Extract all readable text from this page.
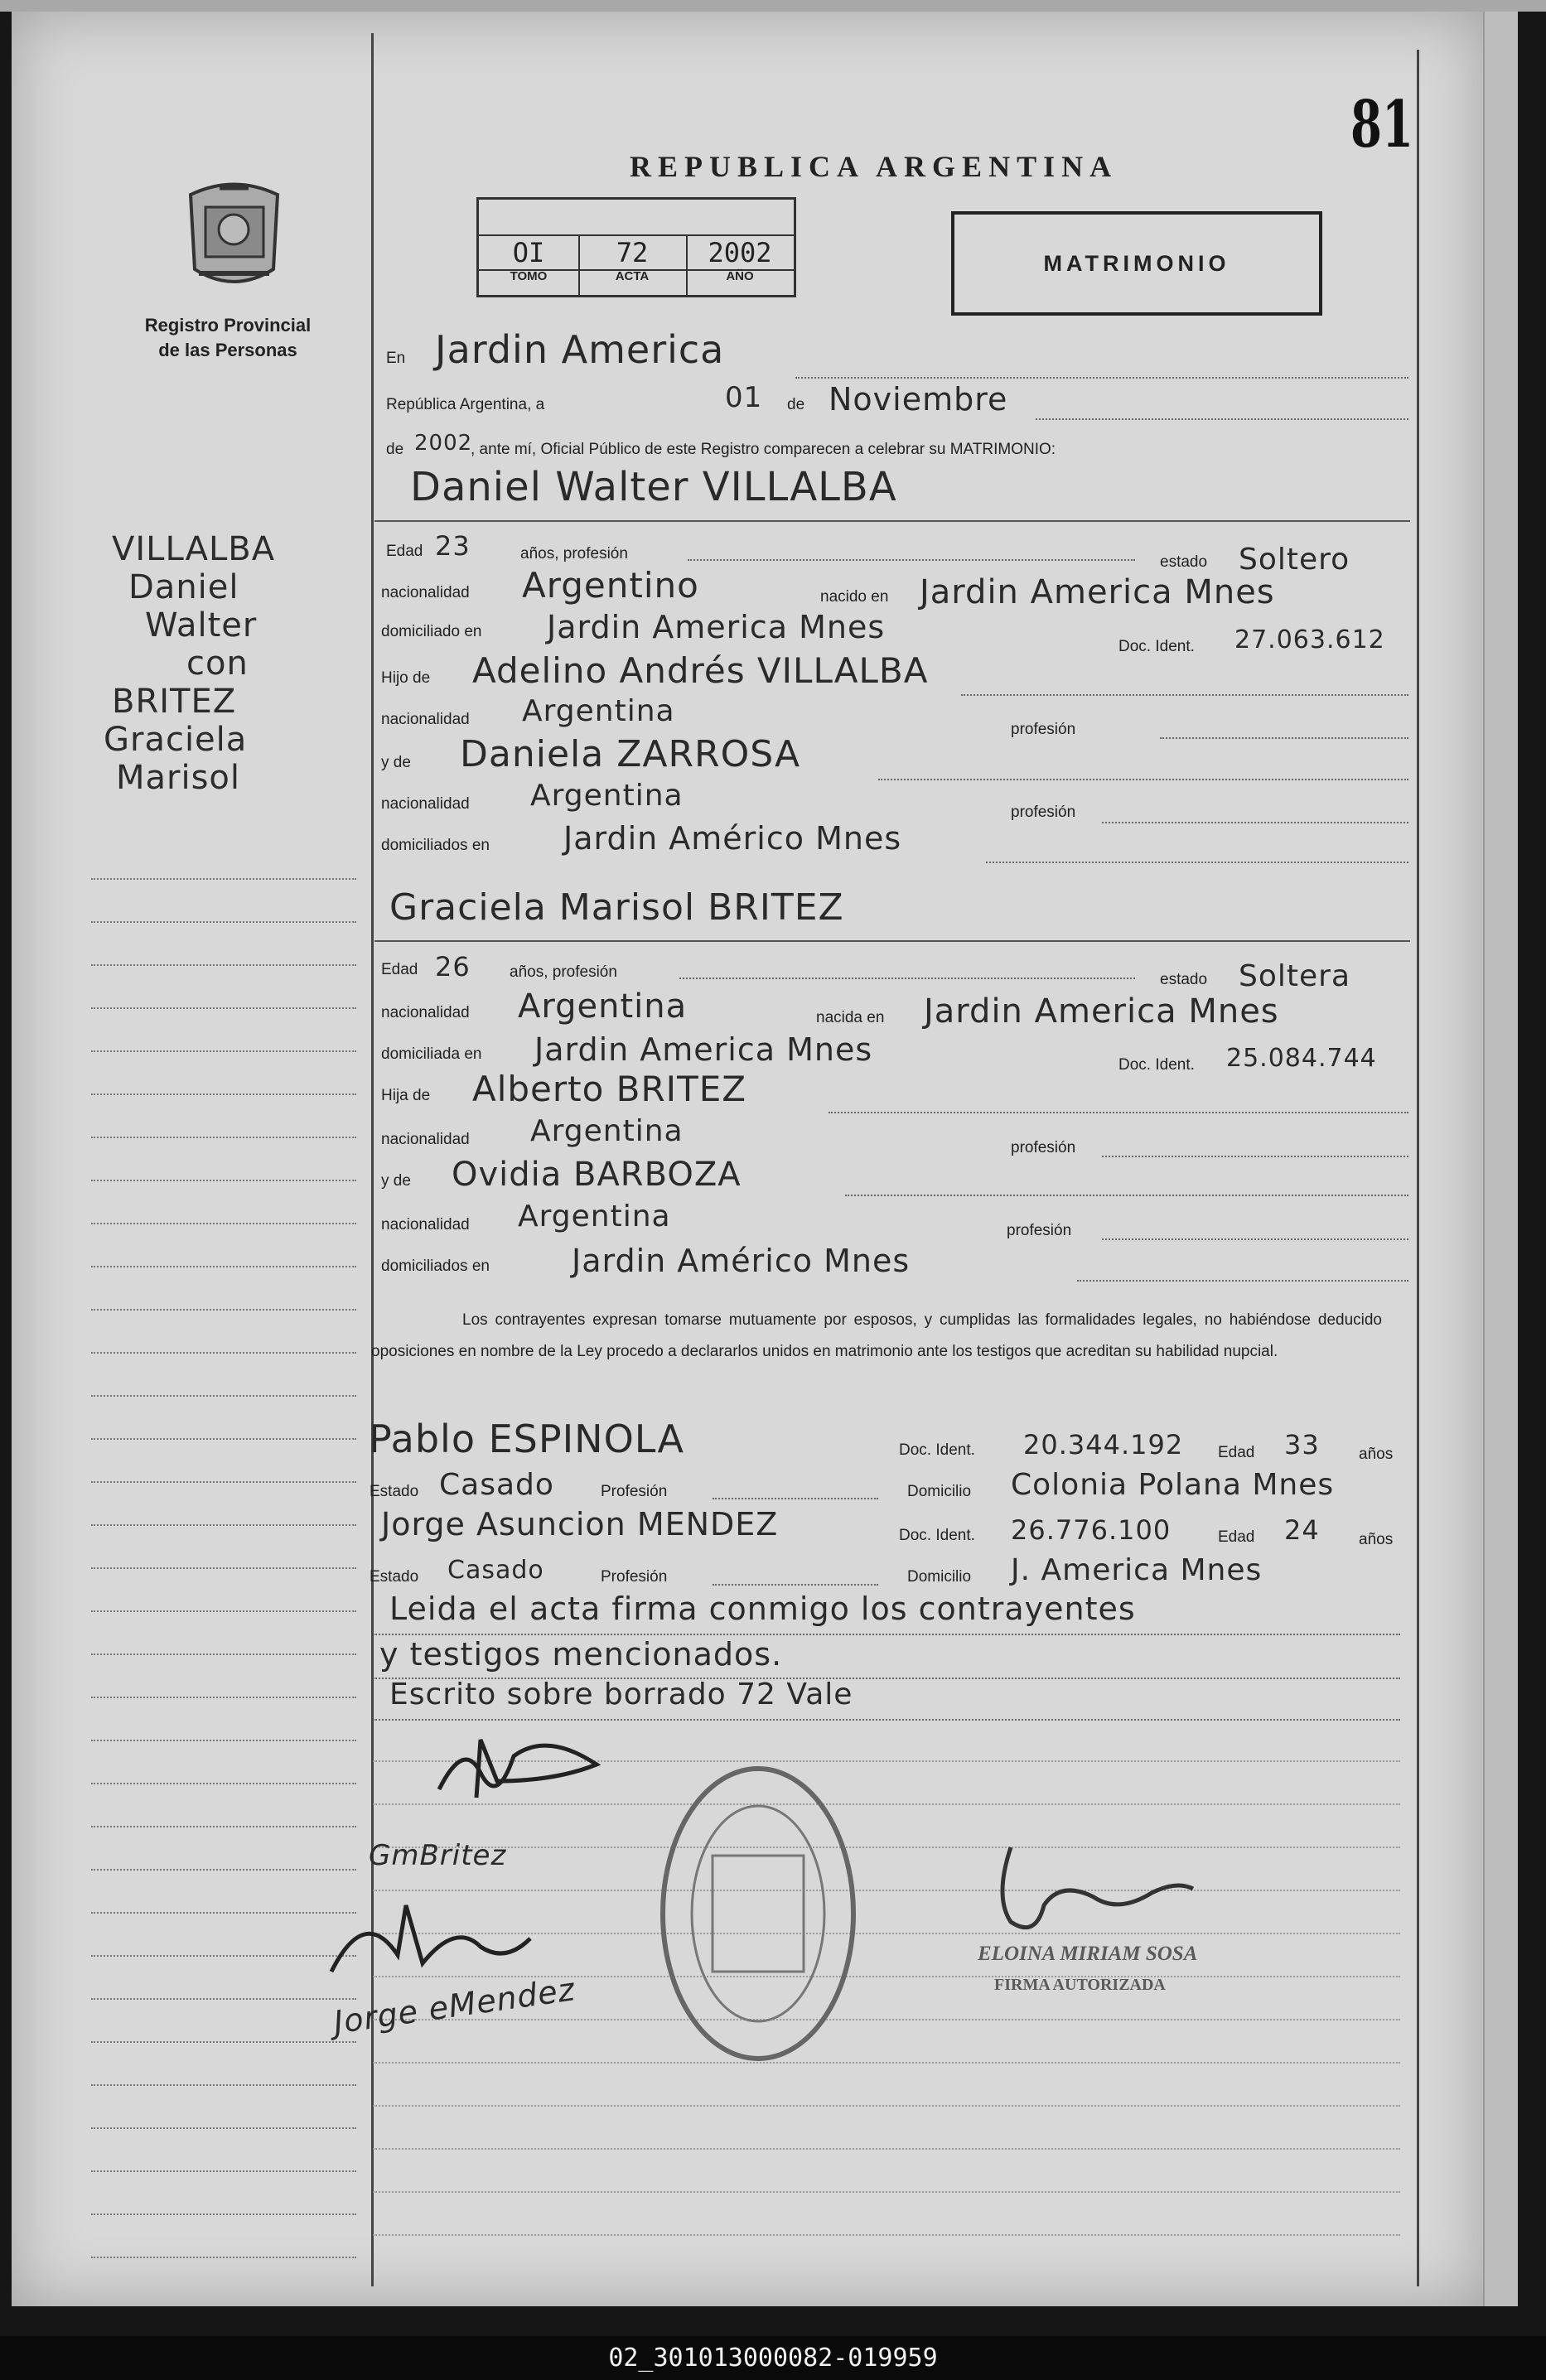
Registro Provincial
de las Personas
VILLALBA
Daniel
Walter
con
BRITEZ
Graciela
Marisol
81
REPUBLICA ARGENTINA
OI	72	2002
TOMO	ACTA	AÑO
MATRIMONIO
En Jardin America
República Argentina, a	01 de Noviembre
de 2002
, ante mí, Oficial Público de este Registro comparecen a celebrar su MATRIMONIO:
Daniel Walter VILLALBA
Edad 23	años, profesión	estado Soltero
nacionalidad Argentino	nacido en Jardin America Mnes
domiciliado en Jardin America Mnes
Doc. Ident. 27.063.612
Hijo de Adelino Andrés VILLALBA
nacionalidad Argentina
profesión
y de Daniela ZARROSA
nacionalidad Argentina	profesión
domiciliados en Jardin Américo Mnes
Graciela Marisol BRITEZ
Edad 26 años, profesión	estado Soltera
nacionalidad Argentina	nacida en Jardin America Mnes
domiciliada en Jardin America Mnes	Doc. Ident. 25.084.744
Hija de Alberto BRITEZ
nacionalidad Argentina	profesión
y de Ovidia BARBOZA
nacionalidad Argentina	profesión
domiciliados en	Jardin Américo Mnes
Los contrayentes expresan tomarse mutuamente por esposos, y cumplidas las formalidades legales, no habiéndose deducido oposiciones en nombre de la Ley procedo a declararlos unidos en matrimonio ante los testigos que acreditan su habilidad nupcial.
Pablo ESPINOLA	Doc. Ident. 20.344.192 Edad 33 años
Estado Casado	Profesión	Domicilio Colonia Polana Mnes
Jorge Asuncion MENDEZ	Doc. Ident. 26.776.100	Edad 24 años
Estado Casado	Profesión	Domicilio J. America Mnes
Leida el acta firma conmigo los contrayentes
y testigos mencionados.
Escrito sobre borrado 72 Vale
GmBritez
Jorge eMendez
ELOINA MIRIAM SOSA
FIRMA AUTORIZADA
02_301013000082-019959
